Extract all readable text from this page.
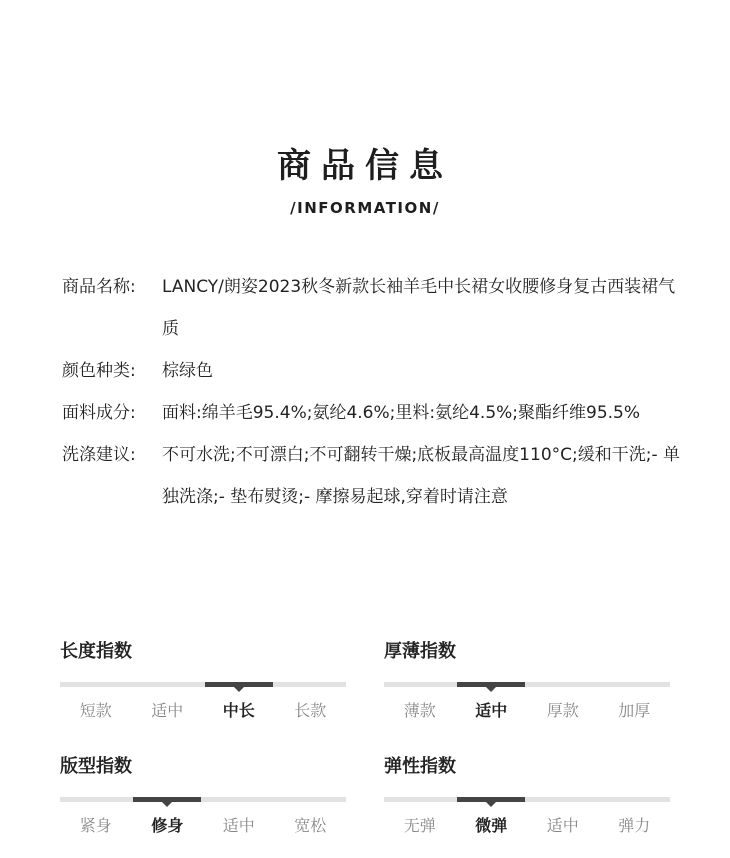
商品信息
/INFORMATION/
商品名称:	LANCY/朗姿2023秋冬新款长袖羊毛中长裙女收腰修身复古西装裙气质
颜色种类:	棕绿色
面料成分:	面料:绵羊毛95.4%;氨纶4.6%;里料:氨纶4.5%;聚酯纤维95.5%
洗涤建议:	不可水洗;不可漂白;不可翻转干燥;底板最高温度110°C;缓和干洗;- 单独洗涤;- 垫布熨烫;- 摩擦易起球,穿着时请注意
长度指数
短款	适中	中长	长款
厚薄指数
薄款	适中	厚款	加厚
版型指数
紧身	修身	适中	宽松
弹性指数
无弹	微弹	适中	弹力
